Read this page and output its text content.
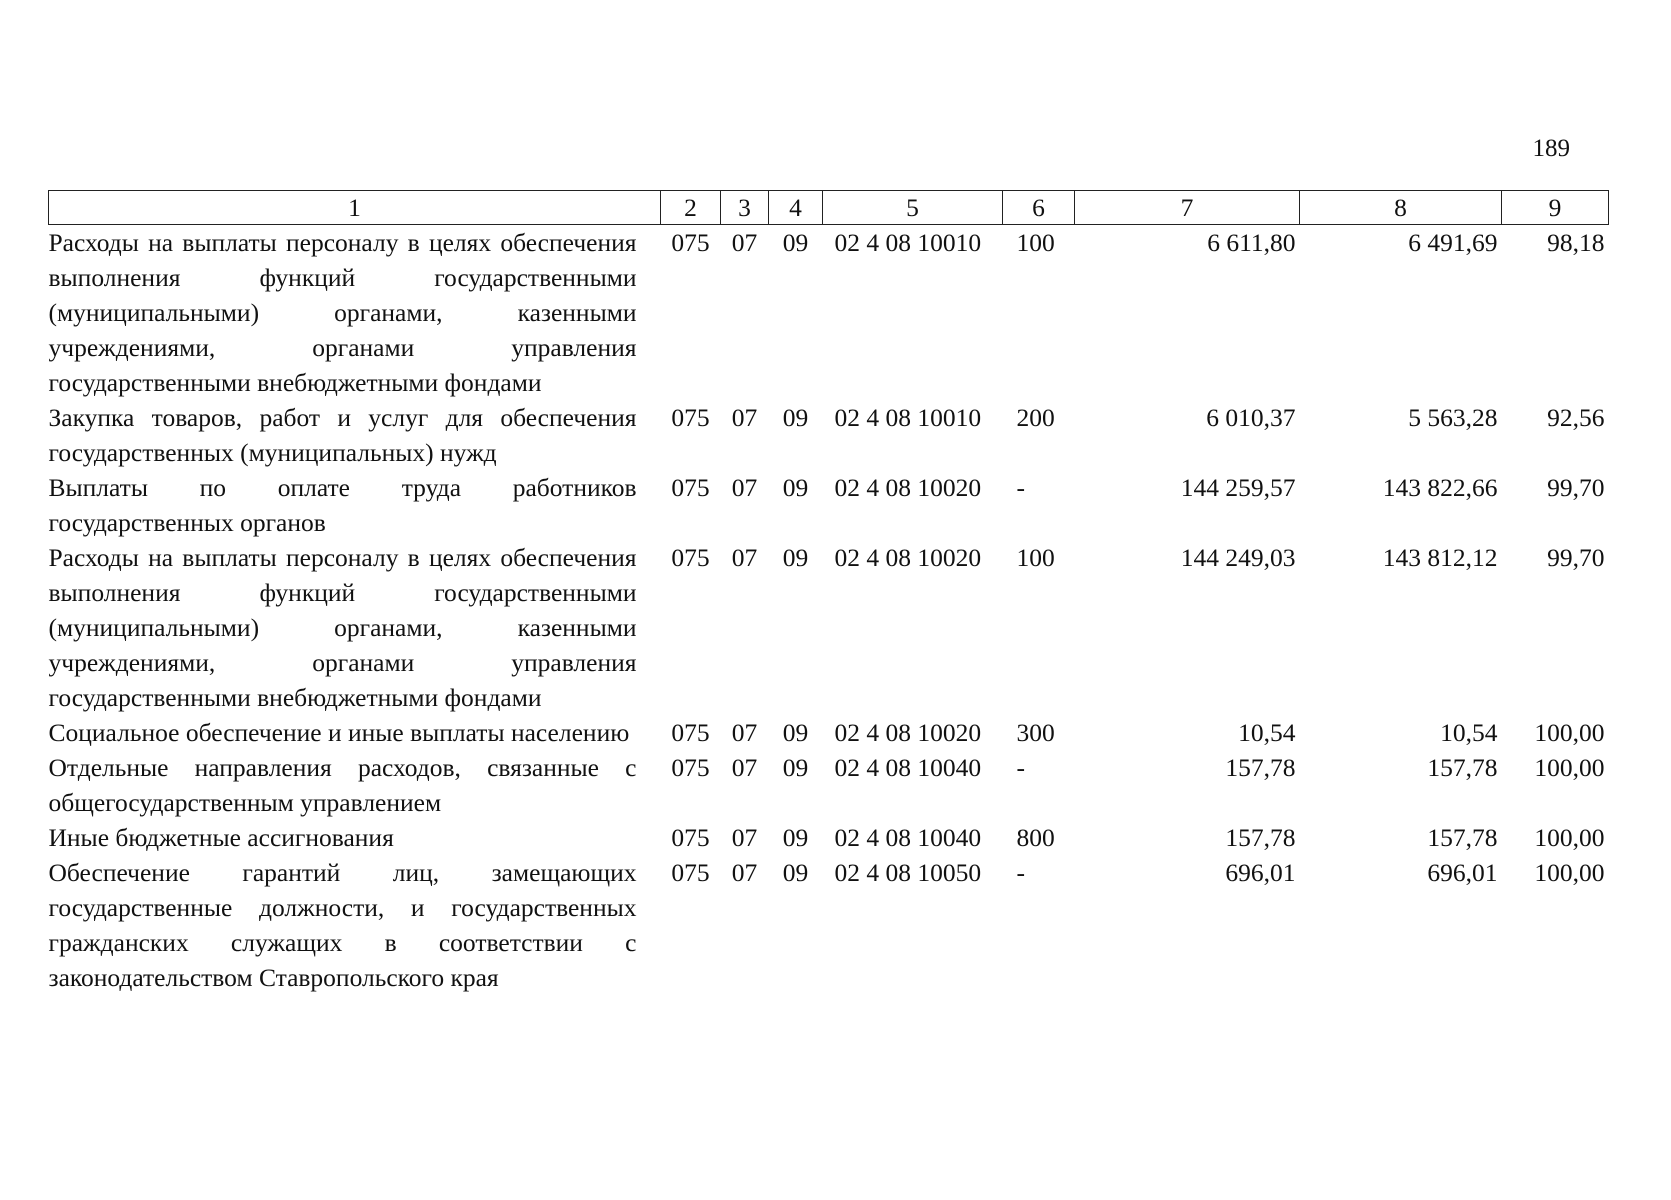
189
1	2	3	4	5	6	7	8	9
Расходы на выплаты персоналу в целях обеспечения выполнения функций государственными (муниципальными) органами, казенными учреждениями, органами управления государственными внебюджетными фондами	075	07	09	02 4 08 10010	100	6 611,80	6 491,69	98,18
Закупка товаров, работ и услуг для обеспечения государственных (муниципальных) нужд	075	07	09	02 4 08 10010	200	6 010,37	5 563,28	92,56
Выплаты по оплате труда работников государственных органов	075	07	09	02 4 08 10020	-	144 259,57	143 822,66	99,70
Расходы на выплаты персоналу в целях обеспечения выполнения функций государственными (муниципальными) органами, казенными учреждениями, органами управления государственными внебюджетными фондами	075	07	09	02 4 08 10020	100	144 249,03	143 812,12	99,70
Социальное обеспечение и иные выплаты населению	075	07	09	02 4 08 10020	300	10,54	10,54	100,00
Отдельные направления расходов, связанные с общегосударственным управлением	075	07	09	02 4 08 10040	-	157,78	157,78	100,00
Иные бюджетные ассигнования	075	07	09	02 4 08 10040	800	157,78	157,78	100,00
Обеспечение гарантий лиц, замещающих государственные должности, и государственных гражданских служащих в соответствии с законодательством Ставропольского края	075	07	09	02 4 08 10050	-	696,01	696,01	100,00
